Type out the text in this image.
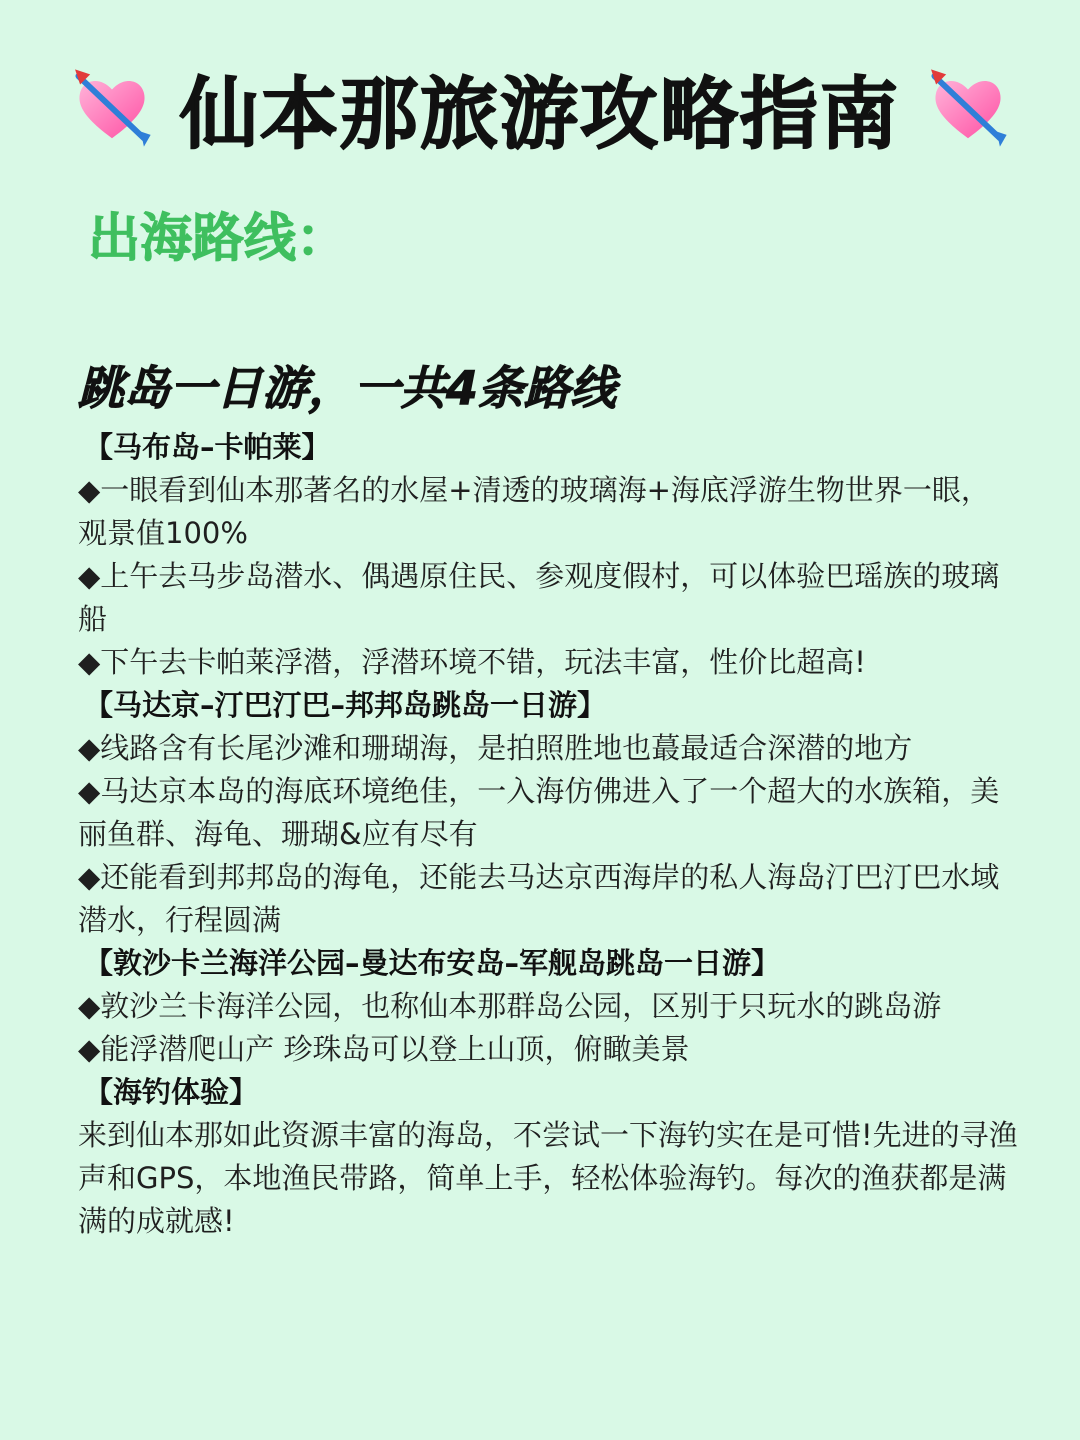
仙本那旅游攻略指南
出海路线：
跳岛一日游，一共4条路线

【马布岛–卡帕莱】

◆一眼看到仙本那著名的水屋+清透的玻璃海+海底浮游生物世界一眼，观景值100%

◆上午去马步岛潜水、偶遇原住民、参观度假村，可以体验巴瑶族的玻璃船

◆下午去卡帕莱浮潜，浮潜环境不错，玩法丰富，性价比超高!

【马达京–汀巴汀巴–邦邦岛跳岛一日游】

◆线路含有长尾沙滩和珊瑚海，是拍照胜地也蕞最适合深潜的地方

◆马达京本岛的海底环境绝佳，一入海仿佛进入了一个超大的水族箱，美丽鱼群、海龟、珊瑚&应有尽有

◆还能看到邦邦岛的海龟，还能去马达京西海岸的私人海岛汀巴汀巴水域潜水，行程圆满

【敦沙卡兰海洋公园–曼达布安岛–军舰岛跳岛一日游】

◆敦沙兰卡海洋公园，也称仙本那群岛公园，区别于只玩水的跳岛游

◆能浮潜爬山产 珍珠岛可以登上山顶，俯瞰美景

【海钓体验】

来到仙本那如此资源丰富的海岛，不尝试一下海钓实在是可惜!先进的寻渔声和GPS，本地渔民带路，简单上手，轻松体验海钓。每次的渔获都是满满的成就感!
